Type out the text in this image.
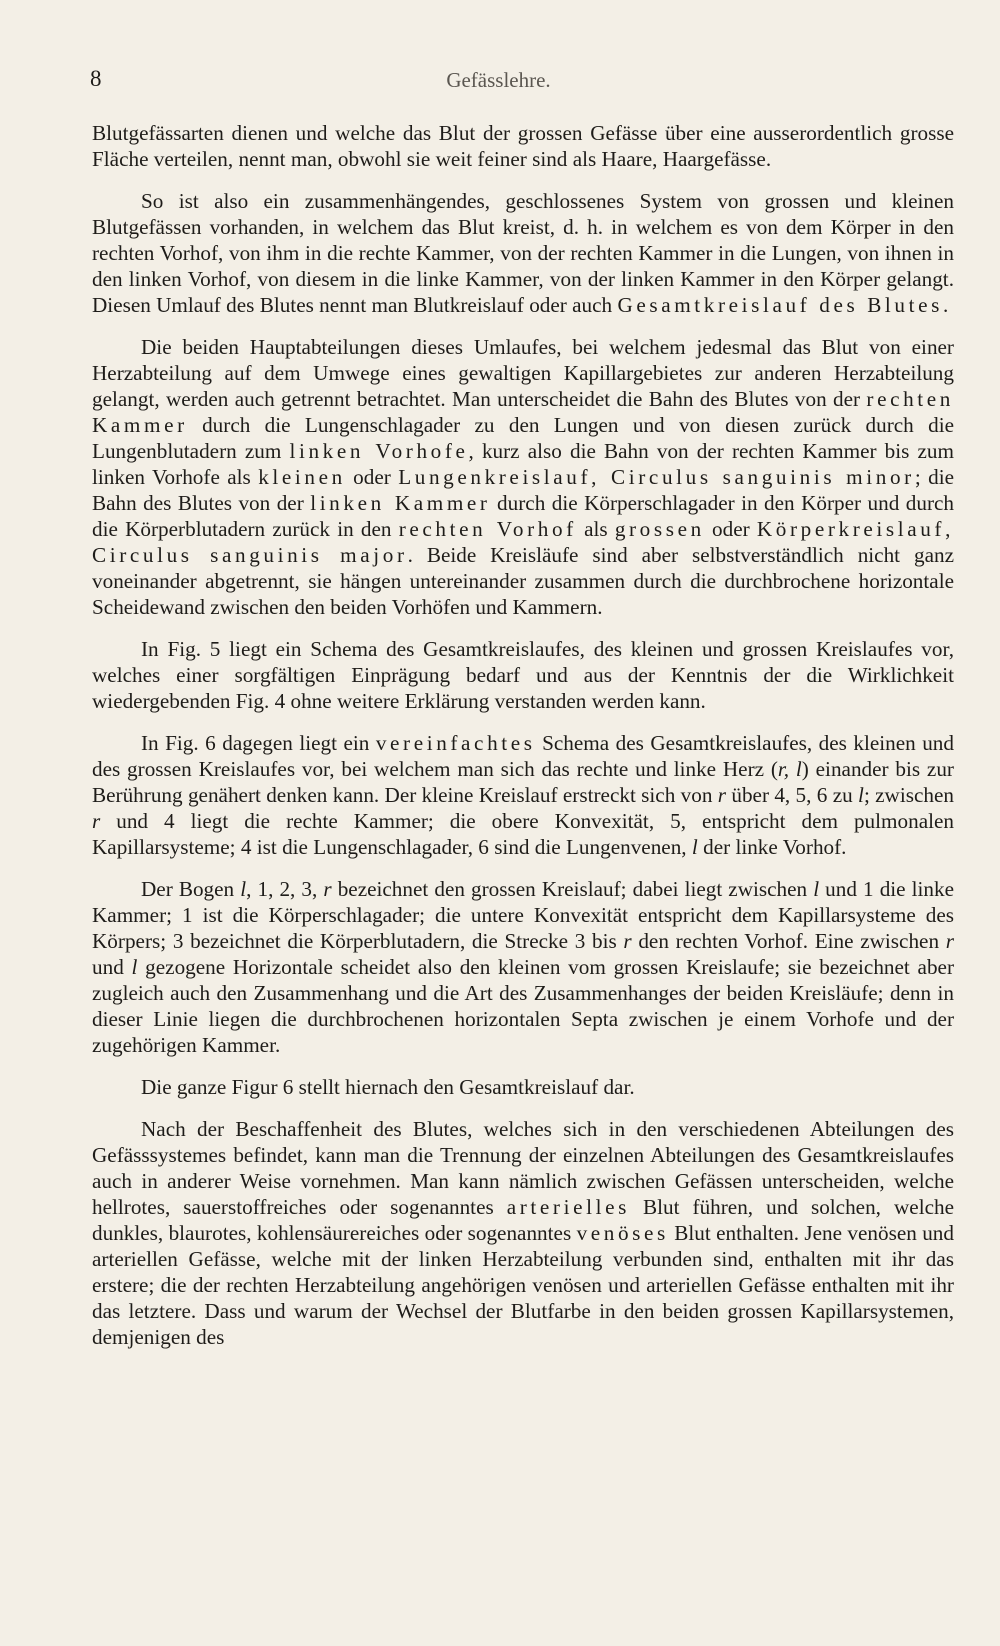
8	Gefässlehre.

Blutgefässarten dienen und welche das Blut der grossen Gefässe über eine ausserordentlich grosse Fläche verteilen, nennt man, obwohl sie weit feiner sind als Haare, Haargefässe.

So ist also ein zusammenhängendes, geschlossenes System von grossen und kleinen Blutgefässen vorhanden, in welchem das Blut kreist, d. h. in welchem es von dem Körper in den rechten Vorhof, von ihm in die rechte Kammer, von der rechten Kammer in die Lungen, von ihnen in den linken Vorhof, von diesem in die linke Kammer, von der linken Kammer in den Körper gelangt. Diesen Umlauf des Blutes nennt man Blutkreislauf oder auch Gesamtkreislauf des Blutes.

Die beiden Hauptabteilungen dieses Umlaufes, bei welchem jedesmal das Blut von einer Herzabteilung auf dem Umwege eines gewaltigen Kapillargebietes zur anderen Herzabteilung gelangt, werden auch getrennt betrachtet. Man unterscheidet die Bahn des Blutes von der rechten Kammer durch die Lungenschlagader zu den Lungen und von diesen zurück durch die Lungenblutadern zum linken Vorhofe, kurz also die Bahn von der rechten Kammer bis zum linken Vorhofe als kleinen oder Lungenkreislauf, Circulus sanguinis minor; die Bahn des Blutes von der linken Kammer durch die Körperschlagader in den Körper und durch die Körperblutadern zurück in den rechten Vorhof als grossen oder Körperkreislauf, Circulus sanguinis major. Beide Kreisläufe sind aber selbstverständlich nicht ganz voneinander abgetrennt, sie hängen untereinander zusammen durch die durchbrochene horizontale Scheidewand zwischen den beiden Vorhöfen und Kammern.

In Fig. 5 liegt ein Schema des Gesamtkreislaufes, des kleinen und grossen Kreislaufes vor, welches einer sorgfältigen Einprägung bedarf und aus der Kenntnis der die Wirklichkeit wiedergebenden Fig. 4 ohne weitere Erklärung verstanden werden kann.

In Fig. 6 dagegen liegt ein vereinfachtes Schema des Gesamtkreislaufes, des kleinen und des grossen Kreislaufes vor, bei welchem man sich das rechte und linke Herz (r, l) einander bis zur Berührung genähert denken kann. Der kleine Kreislauf erstreckt sich von r über 4, 5, 6 zu l; zwischen r und 4 liegt die rechte Kammer; die obere Konvexität, 5, entspricht dem pulmonalen Kapillarsysteme; 4 ist die Lungenschlagader, 6 sind die Lungenvenen, l der linke Vorhof.

Der Bogen l, 1, 2, 3, r bezeichnet den grossen Kreislauf; dabei liegt zwischen l und 1 die linke Kammer; 1 ist die Körperschlagader; die untere Konvexität entspricht dem Kapillarsysteme des Körpers; 3 bezeichnet die Körperblutadern, die Strecke 3 bis r den rechten Vorhof. Eine zwischen r und l gezogene Horizontale scheidet also den kleinen vom grossen Kreislaufe; sie bezeichnet aber zugleich auch den Zusammenhang und die Art des Zusammenhanges der beiden Kreisläufe; denn in dieser Linie liegen die durchbrochenen horizontalen Septa zwischen je einem Vorhofe und der zugehörigen Kammer.

Die ganze Figur 6 stellt hiernach den Gesamtkreislauf dar.

Nach der Beschaffenheit des Blutes, welches sich in den verschiedenen Abteilungen des Gefässsystemes befindet, kann man die Trennung der einzelnen Abteilungen des Gesamtkreislaufes auch in anderer Weise vornehmen. Man kann nämlich zwischen Gefässen unterscheiden, welche hellrotes, sauerstoffreiches oder sogenanntes arterielles Blut führen, und solchen, welche dunkles, blaurotes, kohlensäurereiches oder sogenanntes venöses Blut enthalten. Jene venösen und arteriellen Gefässe, welche mit der linken Herzabteilung verbunden sind, enthalten mit ihr das erstere; die der rechten Herzabteilung angehörigen venösen und arteriellen Gefässe enthalten mit ihr das letztere. Dass und warum der Wechsel der Blutfarbe in den beiden grossen Kapillarsystemen, demjenigen des
